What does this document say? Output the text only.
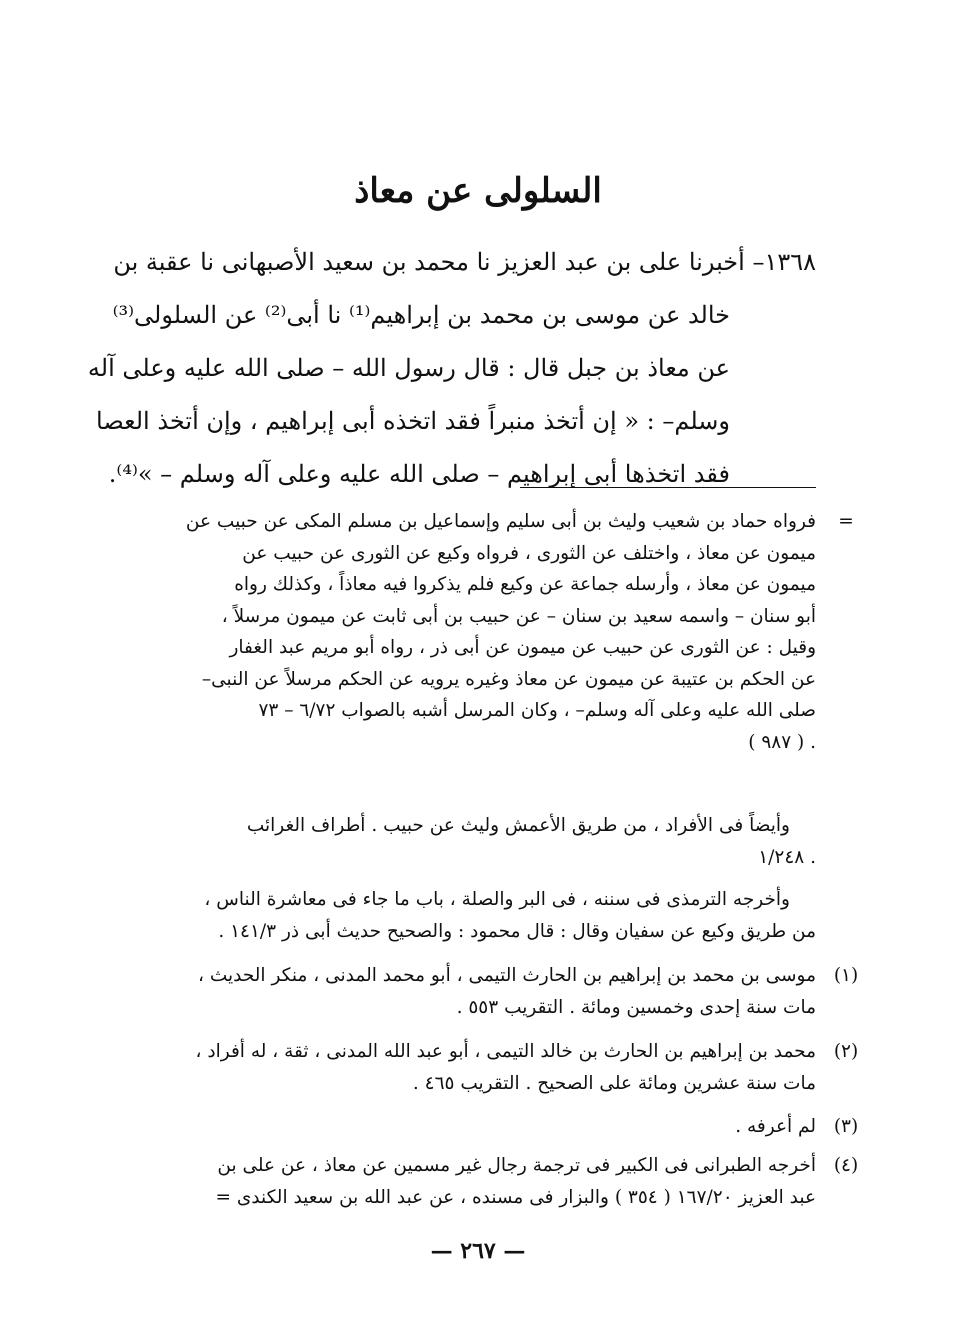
السلولى عن معاذ
١٣٦٨– أخبرنا على بن عبد العزيز نا محمد بن سعيد الأصبهانى نا عقبة بن
خالد عن موسى بن محمد بن إبراهيم⁽¹⁾ نا أبى⁽²⁾ عن السلولى⁽³⁾
عن معاذ بن جبل قال : قال رسول الله – صلى الله عليه وعلى آله
وسلم– : « إن أتخذ منبراً فقد اتخذه أبى إبراهيم ، وإن أتخذ العصا
فقد اتخذها أبى إبراهيم – صلى الله عليه وعلى آله وسلم – »⁽⁴⁾.
=
فرواه حماد بن شعيب وليث بن أبى سليم وإسماعيل بن مسلم المكى عن حبيب عن
ميمون عن معاذ ، واختلف عن الثورى ، فرواه وكيع عن الثورى عن حبيب عن
ميمون عن معاذ ، وأرسله جماعة عن وكيع فلم يذكروا فيه معاذاً ، وكذلك رواه
أبو سنان – واسمه سعيد بن سنان – عن حبيب بن أبى ثابت عن ميمون مرسلاً ،
وقيل : عن الثورى عن حبيب عن ميمون عن أبى ذر ، رواه أبو مريم عبد الغفار
عن الحكم بن عتيبة عن ميمون عن معاذ وغيره يرويه عن الحكم مرسلاً عن النبى–
صلى الله عليه وعلى آله وسلم– ، وكان المرسل أشبه بالصواب ٦/٧٢ – ٧٣
. ( ٩٨٧ )
وأيضاً فى الأفراد ، من طريق الأعمش وليث عن حبيب . أطراف الغرائب
. ١/٢٤٨
وأخرجه الترمذى فى سننه ، فى البر والصلة ، باب ما جاء فى معاشرة الناس ،
من طريق وكيع عن سفيان وقال : قال محمود : والصحيح حديث أبى ذر ١٤١/٣ .
(١)
موسى بن محمد بن إبراهيم بن الحارث التيمى ، أبو محمد المدنى ، منكر الحديث ،
مات سنة إحدى وخمسين ومائة . التقريب ٥٥٣ .
(٢)
محمد بن إبراهيم بن الحارث بن خالد التيمى ، أبو عبد الله المدنى ، ثقة ، له أفراد ،
مات سنة عشرين ومائة على الصحيح . التقريب ٤٦٥ .
(٣)
لم أعرفه .
(٤)
أخرجه الطبرانى فى الكبير فى ترجمة رجال غير مسمين عن معاذ ، عن على بن
عبد العزيز ١٦٧/٢٠ ( ٣٥٤ ) والبزار فى مسنده ، عن عبد الله بن سعيد الكندى =
— ٢٦٧ —
